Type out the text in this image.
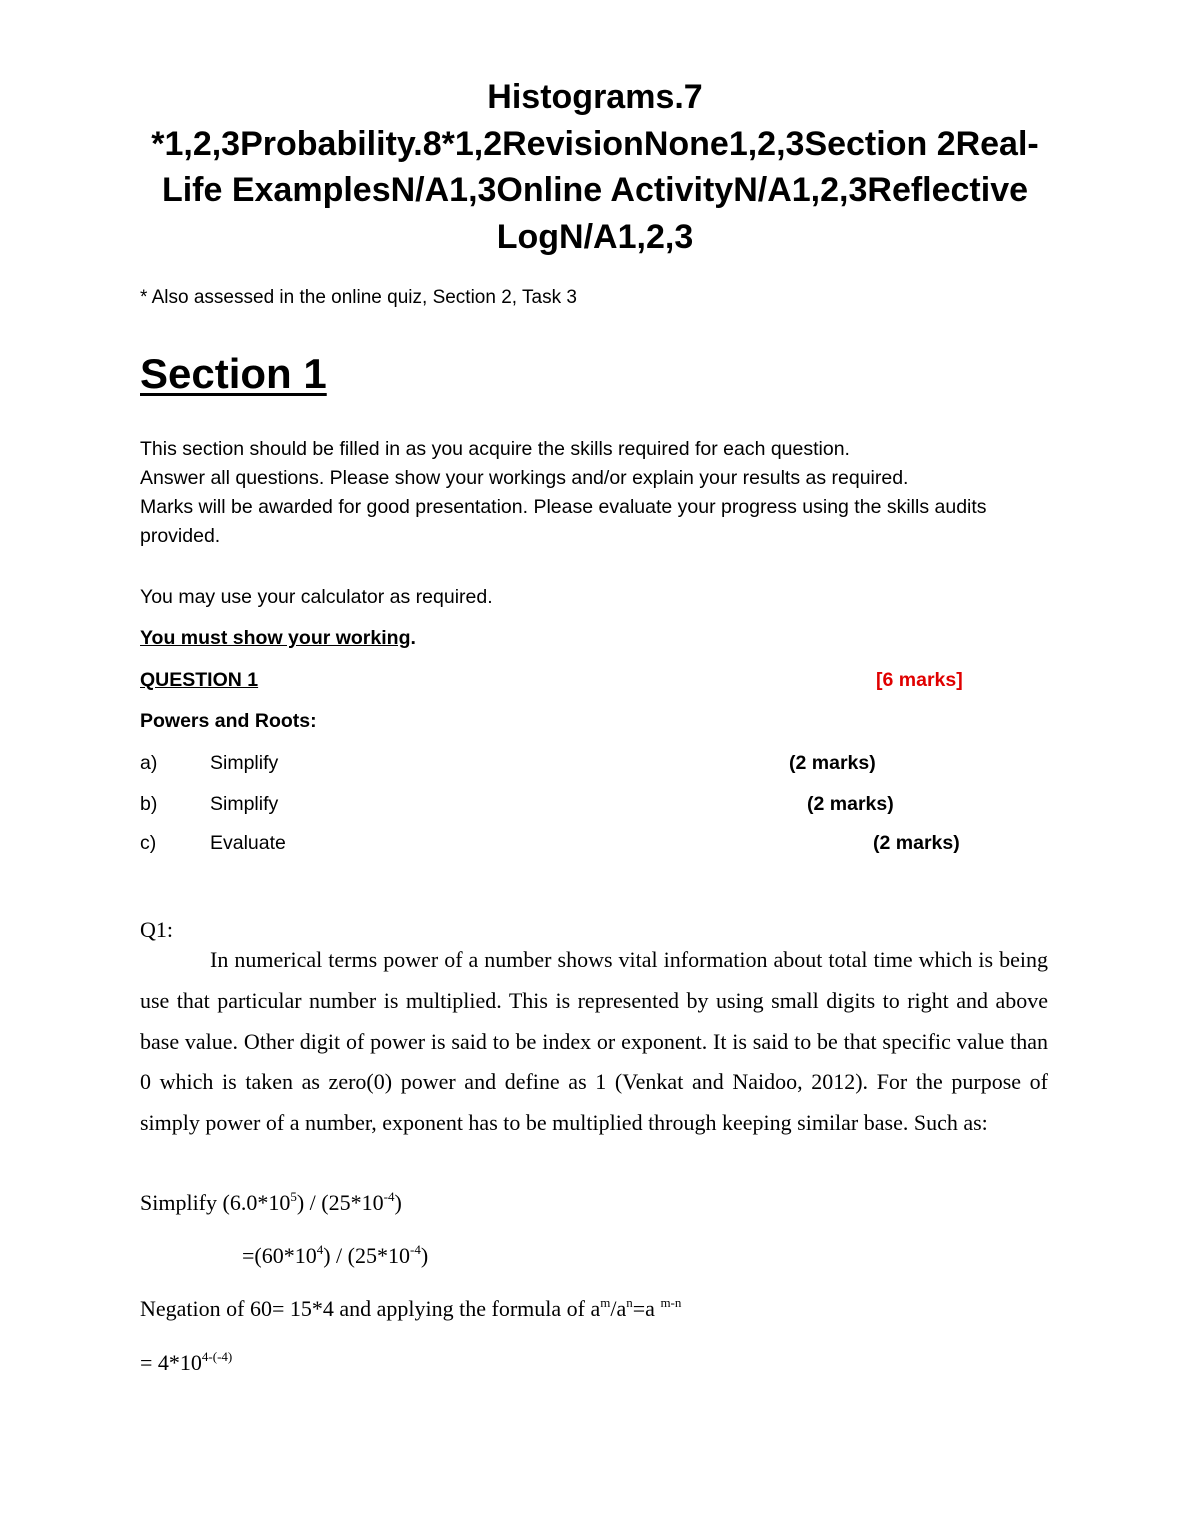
Histograms.7 *1,2,3Probability.8*1,2RevisionNone1,2,3Section 2Real-Life ExamplesN/A1,3Online ActivityN/A1,2,3Reflective LogN/A1,2,3
* Also assessed in the online quiz, Section 2, Task 3
Section 1

This section should be filled in as you acquire the skills required for each question.

Answer all questions. Please show your workings and/or explain your results as required.

Marks will be awarded for good presentation. Please evaluate your progress using the skills audits provided.

You may use your calculator as required.
You must show your working.
QUESTION 1	[6 marks]
Powers and Roots:
a)	Simplify	(2 marks)
b)	Simplify	(2 marks)
c)	Evaluate	(2 marks)
Q1:

In numerical terms power of a number shows vital information about total time which is being use that particular number is multiplied. This is represented by using small digits to right and above base value. Other digit of power is said to be index or exponent. It is said to be that specific value than 0 which is taken as zero(0) power and define as 1 (Venkat and Naidoo, 2012). For the purpose of simply power of a number, exponent has to be multiplied through keeping similar base. Such as:

Simplify $(6.0*10^5) / (25*10^{-4})$
$=(60*10^4) / (25*10^{-4})$
Negation of 60= 15*4 and applying the formula of $a^m/a^n=a$ $^{m-n}$
= $4*10^{4-(-4)}$
